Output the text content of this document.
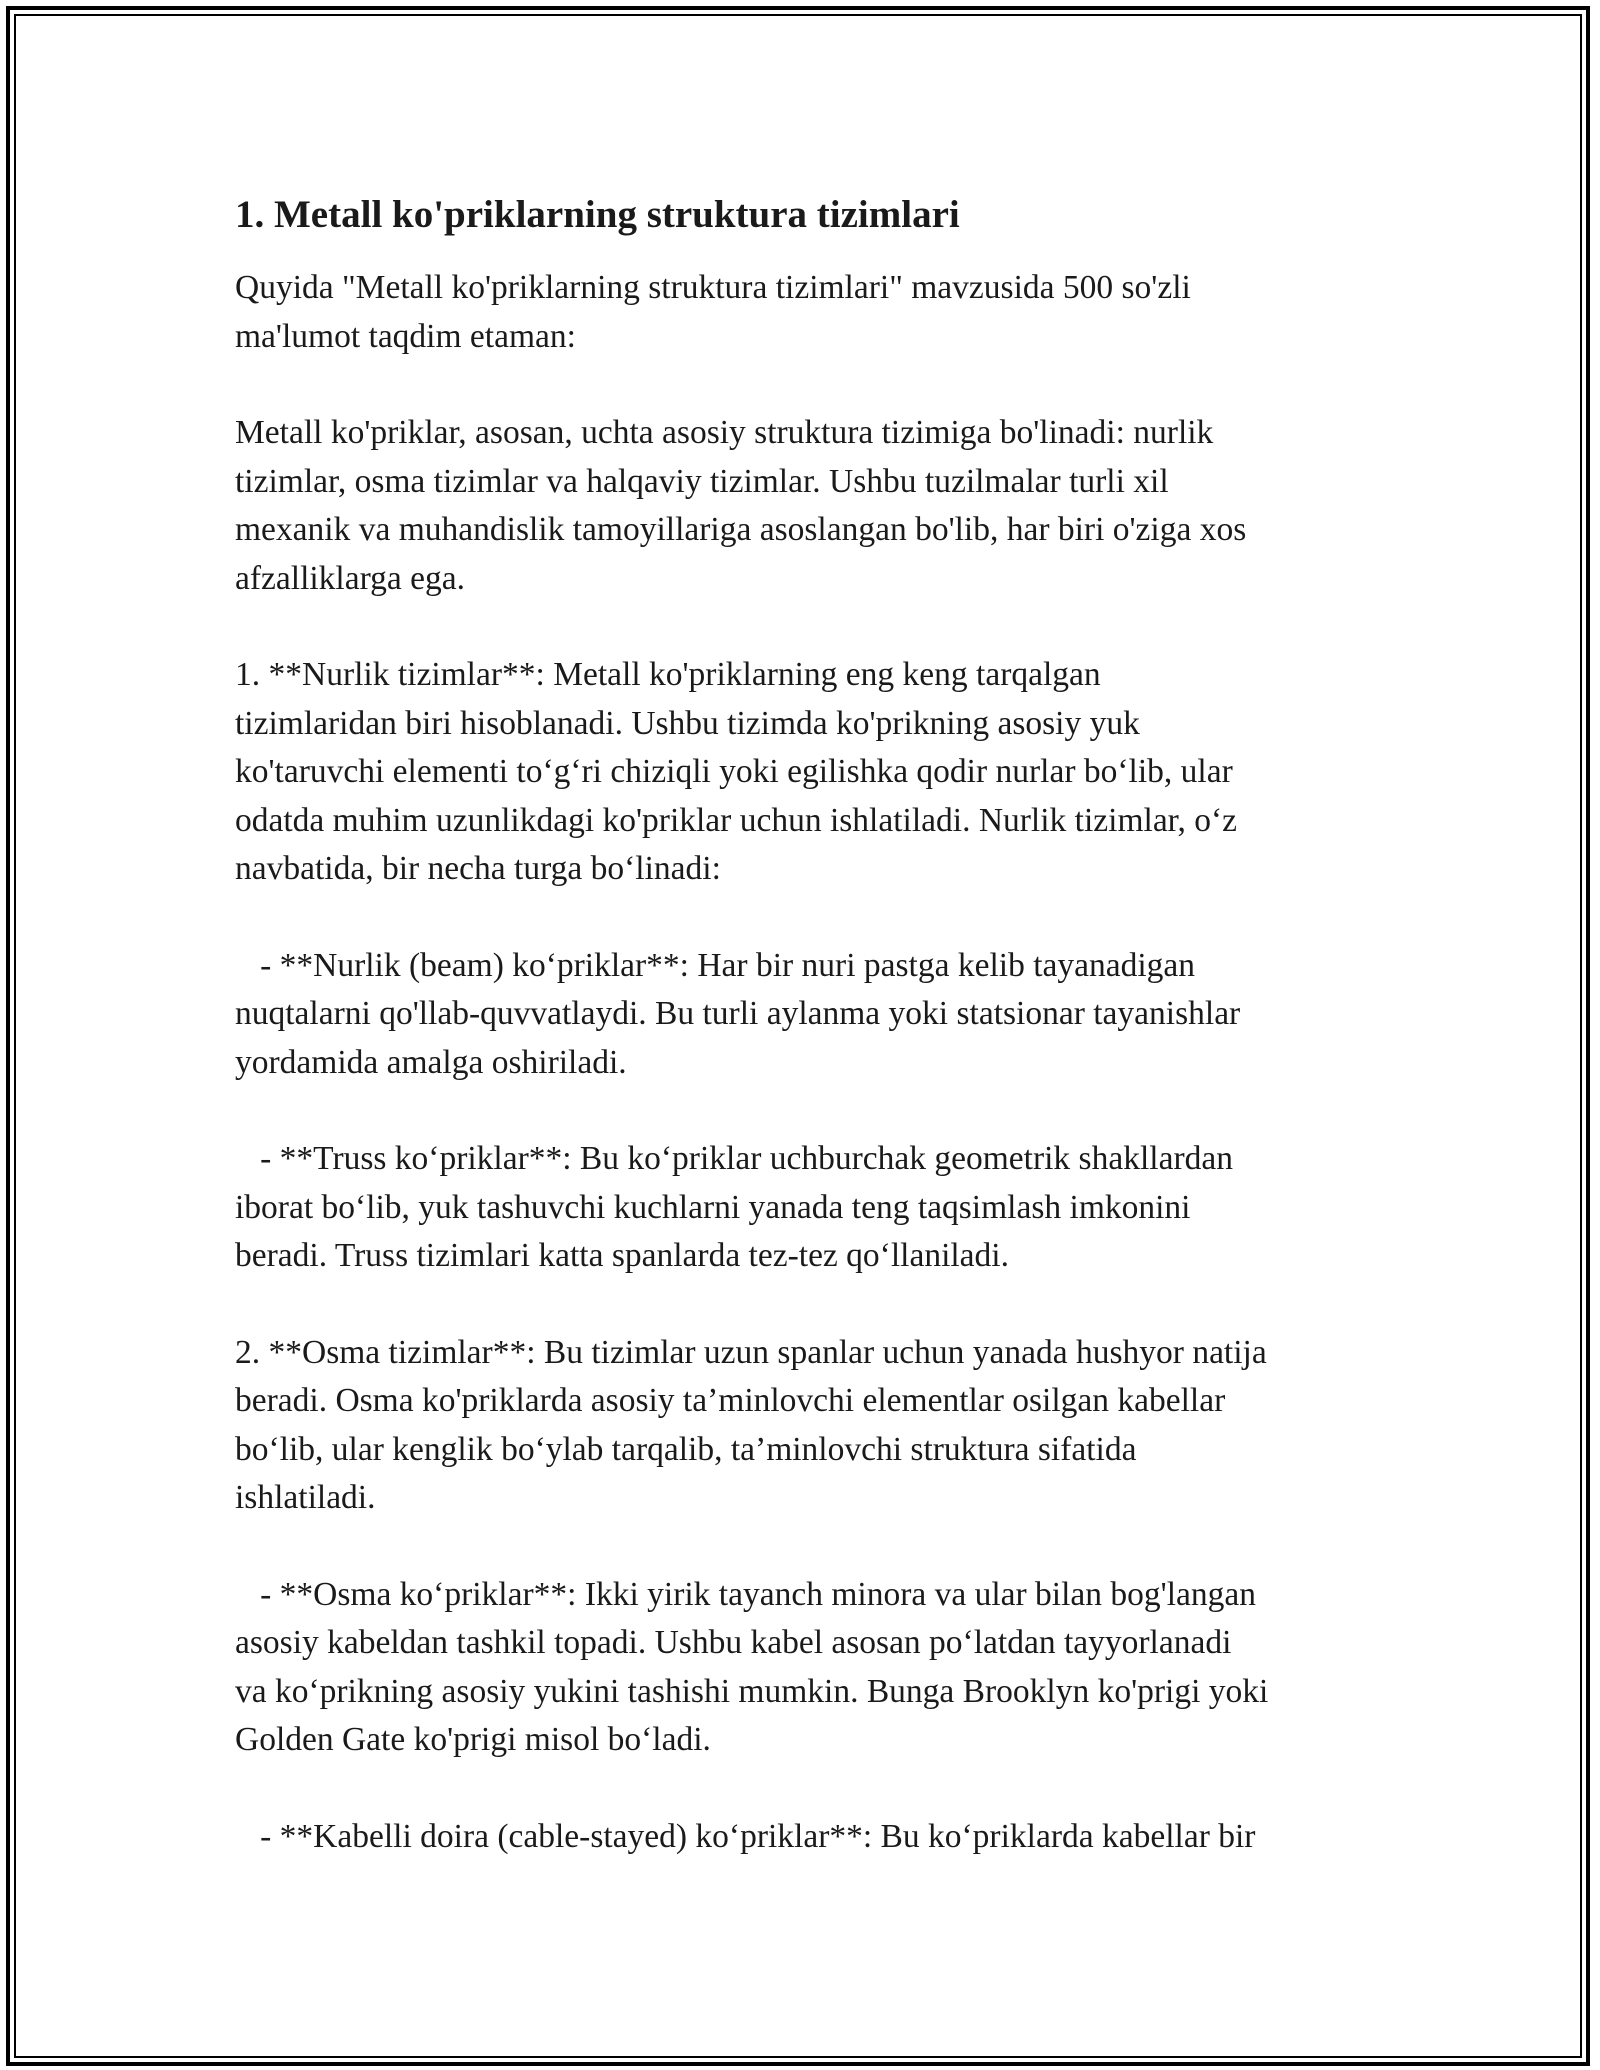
1. Metall ko'priklarning struktura tizimlari

Quyida "Metall ko'priklarning struktura tizimlari" mavzusida 500 so'zli
ma'lumot taqdim etaman:

Metall ko'priklar, asosan, uchta asosiy struktura tizimiga bo'linadi: nurlik
tizimlar, osma tizimlar va halqaviy tizimlar. Ushbu tuzilmalar turli xil
mexanik va muhandislik tamoyillariga asoslangan bo'lib, har biri o'ziga xos
afzalliklarga ega.

1. **Nurlik tizimlar**: Metall ko'priklarning eng keng tarqalgan
tizimlaridan biri hisoblanadi. Ushbu tizimda ko'prikning asosiy yuk
ko'taruvchi elementi to‘g‘ri chiziqli yoki egilishka qodir nurlar bo‘lib, ular
odatda muhim uzunlikdagi ko'priklar uchun ishlatiladi. Nurlik tizimlar, o‘z
navbatida, bir necha turga bo‘linadi:

- **Nurlik (beam) ko‘priklar**: Har bir nuri pastga kelib tayanadigan
nuqtalarni qo'llab-quvvatlaydi. Bu turli aylanma yoki statsionar tayanishlar
yordamida amalga oshiriladi.

- **Truss ko‘priklar**: Bu ko‘priklar uchburchak geometrik shakllardan
iborat bo‘lib, yuk tashuvchi kuchlarni yanada teng taqsimlash imkonini
beradi. Truss tizimlari katta spanlarda tez-tez qo‘llaniladi.

2. **Osma tizimlar**: Bu tizimlar uzun spanlar uchun yanada hushyor natija
beradi. Osma ko'priklarda asosiy ta’minlovchi elementlar osilgan kabellar
bo‘lib, ular kenglik bo‘ylab tarqalib, ta’minlovchi struktura sifatida
ishlatiladi.

- **Osma ko‘priklar**: Ikki yirik tayanch minora va ular bilan bog'langan
asosiy kabeldan tashkil topadi. Ushbu kabel asosan po‘latdan tayyorlanadi
va ko‘prikning asosiy yukini tashishi mumkin. Bunga Brooklyn ko'prigi yoki
Golden Gate ko'prigi misol bo‘ladi.

- **Kabelli doira (cable-stayed) ko‘priklar**: Bu ko‘priklarda kabellar bir
